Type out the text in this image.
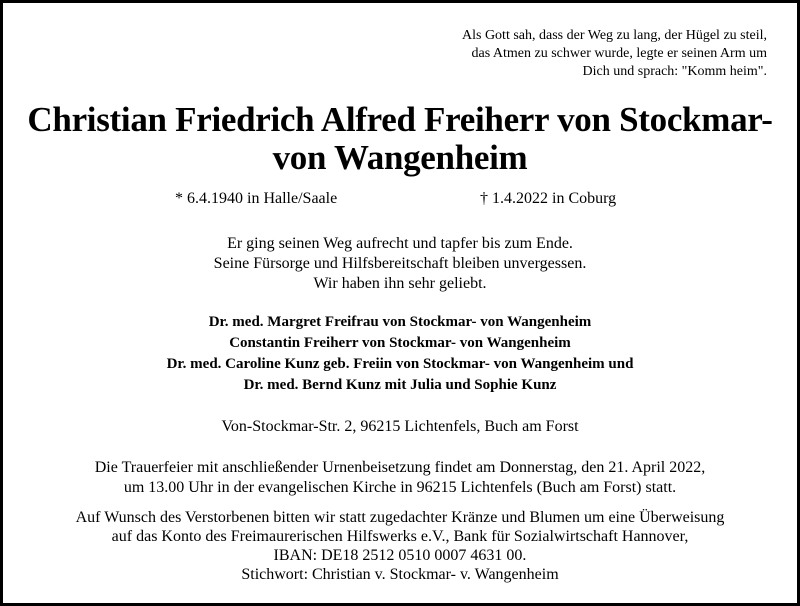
Als Gott sah, dass der Weg zu lang, der Hügel zu steil,
das Atmen zu schwer wurde, legte er seinen Arm um
Dich und sprach: "Komm heim".
Christian Friedrich Alfred Freiherr von Stockmar-
von Wangenheim
* 6.4.1940 in Halle/Saale	† 1.4.2022 in Coburg
Er ging seinen Weg aufrecht und tapfer bis zum Ende.
Seine Fürsorge und Hilfsbereitschaft bleiben unvergessen.
Wir haben ihn sehr geliebt.
Dr. med. Margret Freifrau von Stockmar- von Wangenheim
Constantin Freiherr von Stockmar- von Wangenheim
Dr. med. Caroline Kunz geb. Freiin von Stockmar- von Wangenheim und
Dr. med. Bernd Kunz mit Julia und Sophie Kunz
Von-Stockmar-Str. 2, 96215 Lichtenfels, Buch am Forst
Die Trauerfeier mit anschließender Urnenbeisetzung findet am Donnerstag, den 21. April 2022,
um 13.00 Uhr in der evangelischen Kirche in 96215 Lichtenfels (Buch am Forst) statt.
Auf Wunsch des Verstorbenen bitten wir statt zugedachter Kränze und Blumen um eine Überweisung
auf das Konto des Freimaurerischen Hilfswerks e.V., Bank für Sozialwirtschaft Hannover,
IBAN: DE18 2512 0510 0007 4631 00.
Stichwort: Christian v. Stockmar- v. Wangenheim
